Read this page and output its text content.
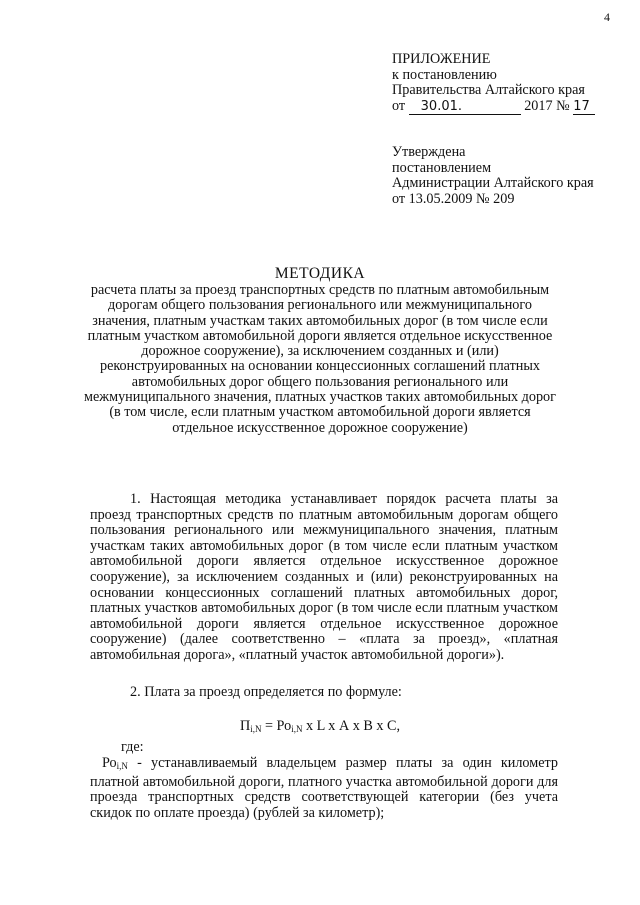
4
ПРИЛОЖЕНИЕ
к постановлению
Правительства Алтайского края
от 30.01.	2017 № 17
Утверждена
постановлением
Администрации Алтайского края
от 13.05.2009 № 209
МЕТОДИКА
расчета платы за проезд транспортных средств по платным автомобильным дорогам общего пользования регионального или межмуниципального значения, платным участкам таких автомобильных дорог (в том числе если платным участком автомобильной дороги является отдельное искусственное дорожное сооружение), за исключением созданных и (или) реконструированных на основании концессионных соглашений платных автомобильных дорог общего пользования регионального или межмуниципального значения, платных участков таких автомобильных дорог (в том числе, если платным участком автомобильной дороги является отдельное искусственное дорожное сооружение)
1. Настоящая методика устанавливает порядок расчета платы за проезд транспортных средств по платным автомобильным дорогам общего пользования регионального или межмуниципального значения, платным участкам таких автомобильных дорог (в том числе если платным участком автомобильной дороги является отдельное искусственное дорожное сооружение), за исключением созданных и (или) реконструированных на основании концессионных соглашений платных автомобильных дорог, платных участков автомобильных дорог (в том числе если платным участком автомобильной дороги является отдельное искусственное дорожное сооружение) (далее соответственно – «плата за проезд», «платная автомобильная дорога», «платный участок автомобильной дороги»).
2. Плата за проезд определяется по формуле:
$П_{i,N} = Ро_{i,N}$ х L х А х В х С,
где:
$Ро_{i,N}$ - устанавливаемый владельцем размер платы за один километр платной автомобильной дороги, платного участка автомобильной дороги для проезда транспортных средств соответствующей категории (без учета скидок по оплате проезда) (рублей за километр);
